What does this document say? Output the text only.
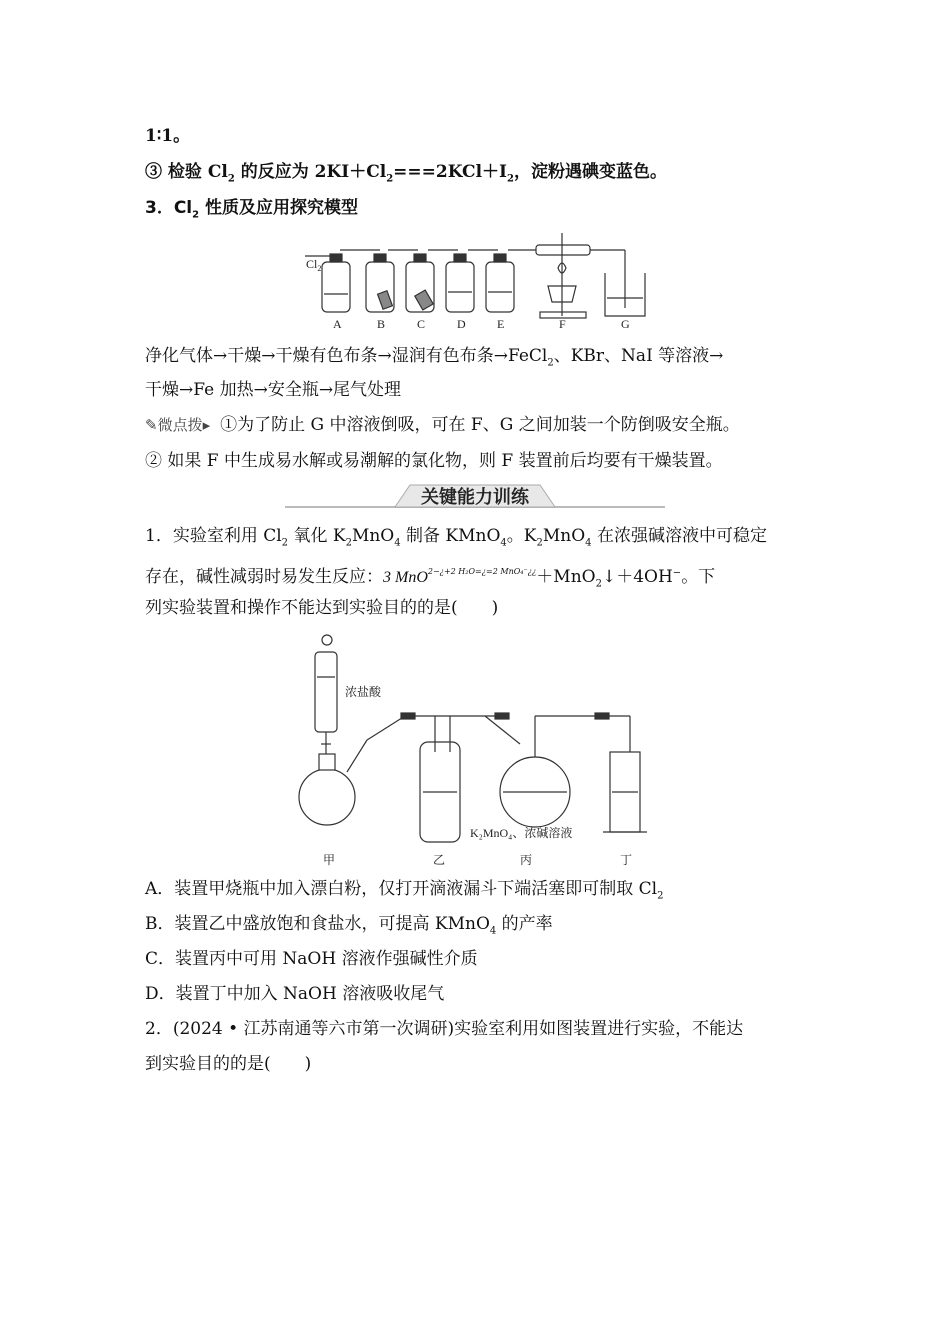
1∶1。
③ 检验 $Cl_2$ 的反应为 $2KI+Cl_2===2KCl+I_2$，淀粉遇碘变蓝色。
3．$Cl_2$ 性质及应用探究模型
$Cl_2$
A	B	C	D	E	F	G
净化气体→干燥→干燥有色布条→湿润有色布条→FeCl$_2$、KBr、NaI 等溶液→
干燥→Fe 加热→安全瓶→尾气处理
✎微点拨▸ ①为了防止 G 中溶液倒吸，可在 F、G 之间加装一个防倒吸安全瓶。
② 如果 F 中生成易水解或易潮解的氯化物，则 F 装置前后均要有干燥装置。
关键能力训练
1．实验室利用 $Cl_2$ 氧化 $K_2MnO_4$ 制备 KMnO$_4$。$K_2MnO_4$ 在浓强碱溶液中可稳定
存在，碱性减弱时易发生反应：3 MnO$^{2-¿+2 H_2O=¿=2 MnO_4^-¿¿}$＋MnO$_2$↓＋4OH−。下
列实验装置和操作不能达到实验目的的是(　　)
浓盐酸
K₂MnO₄、浓碱溶液
甲	乙	丙	丁
A．装置甲烧瓶中加入漂白粉，仅打开滴液漏斗下端活塞即可制取 $Cl_2$
B．装置乙中盛放饱和食盐水，可提高 KMnO$_4$ 的产率
C．装置丙中可用 NaOH 溶液作强碱性介质
D．装置丁中加入 NaOH 溶液吸收尾气
2．(2024 • 江苏南通等六市第一次调研)实验室利用如图装置进行实验，不能达
到实验目的的是(　　)
